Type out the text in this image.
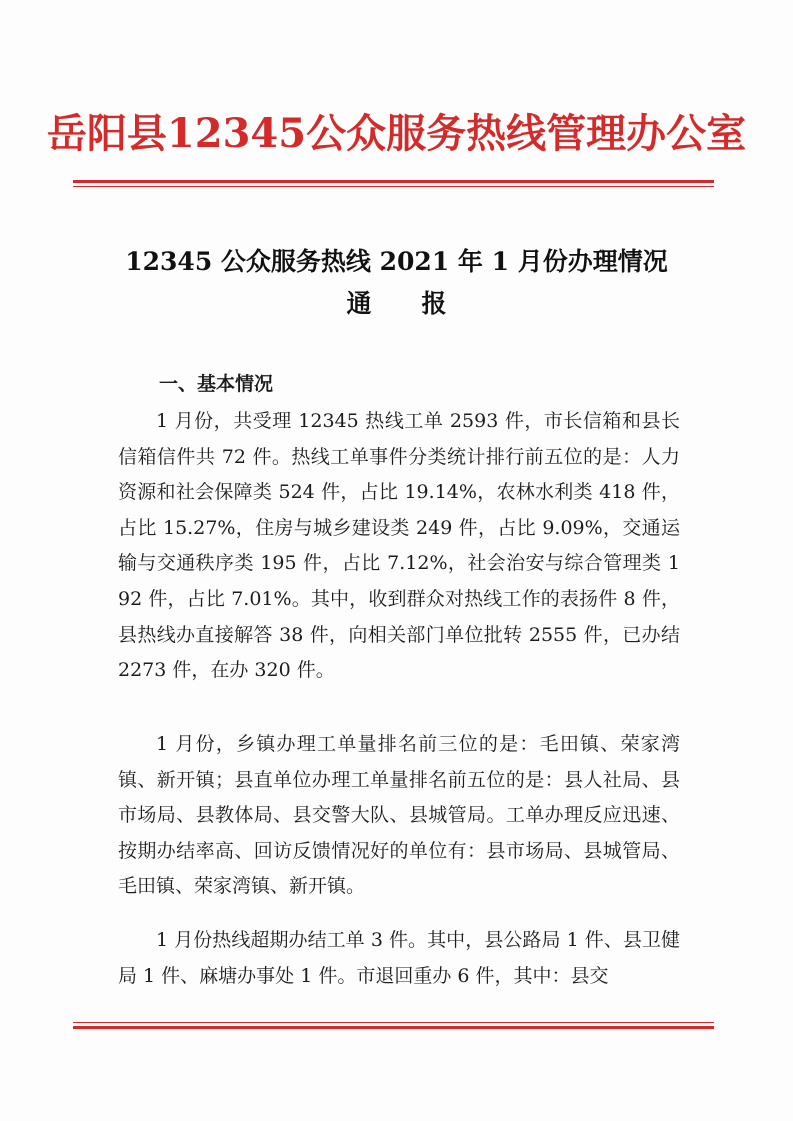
岳阳县12345公众服务热线管理办公室
12345 公众服务热线 2021 年 1 月份办理情况
通报
一、基本情况

1 月份，共受理 12345 热线工单 2593 件，市长信箱和县长信箱信件共 72 件。热线工单事件分类统计排行前五位的是：人力资源和社会保障类 524 件，占比 19.14%，农林水利类 418 件，占比 15.27%，住房与城乡建设类 249 件，占比 9.09%，交通运输与交通秩序类 195 件，占比 7.12%，社会治安与综合管理类 192 件，占比 7.01%。其中，收到群众对热线工作的表扬件 8 件，县热线办直接解答 38 件，向相关部门单位批转 2555 件，已办结 2273 件，在办 320 件。

1 月份，乡镇办理工单量排名前三位的是：毛田镇、荣家湾镇、新开镇；县直单位办理工单量排名前五位的是：县人社局、县市场局、县教体局、县交警大队、县城管局。工单办理反应迅速、按期办结率高、回访反馈情况好的单位有：县市场局、县城管局、毛田镇、荣家湾镇、新开镇。

1 月份热线超期办结工单 3 件。其中，县公路局 1 件、县卫健局 1 件、麻塘办事处 1 件。市退回重办 6 件，其中：县交
